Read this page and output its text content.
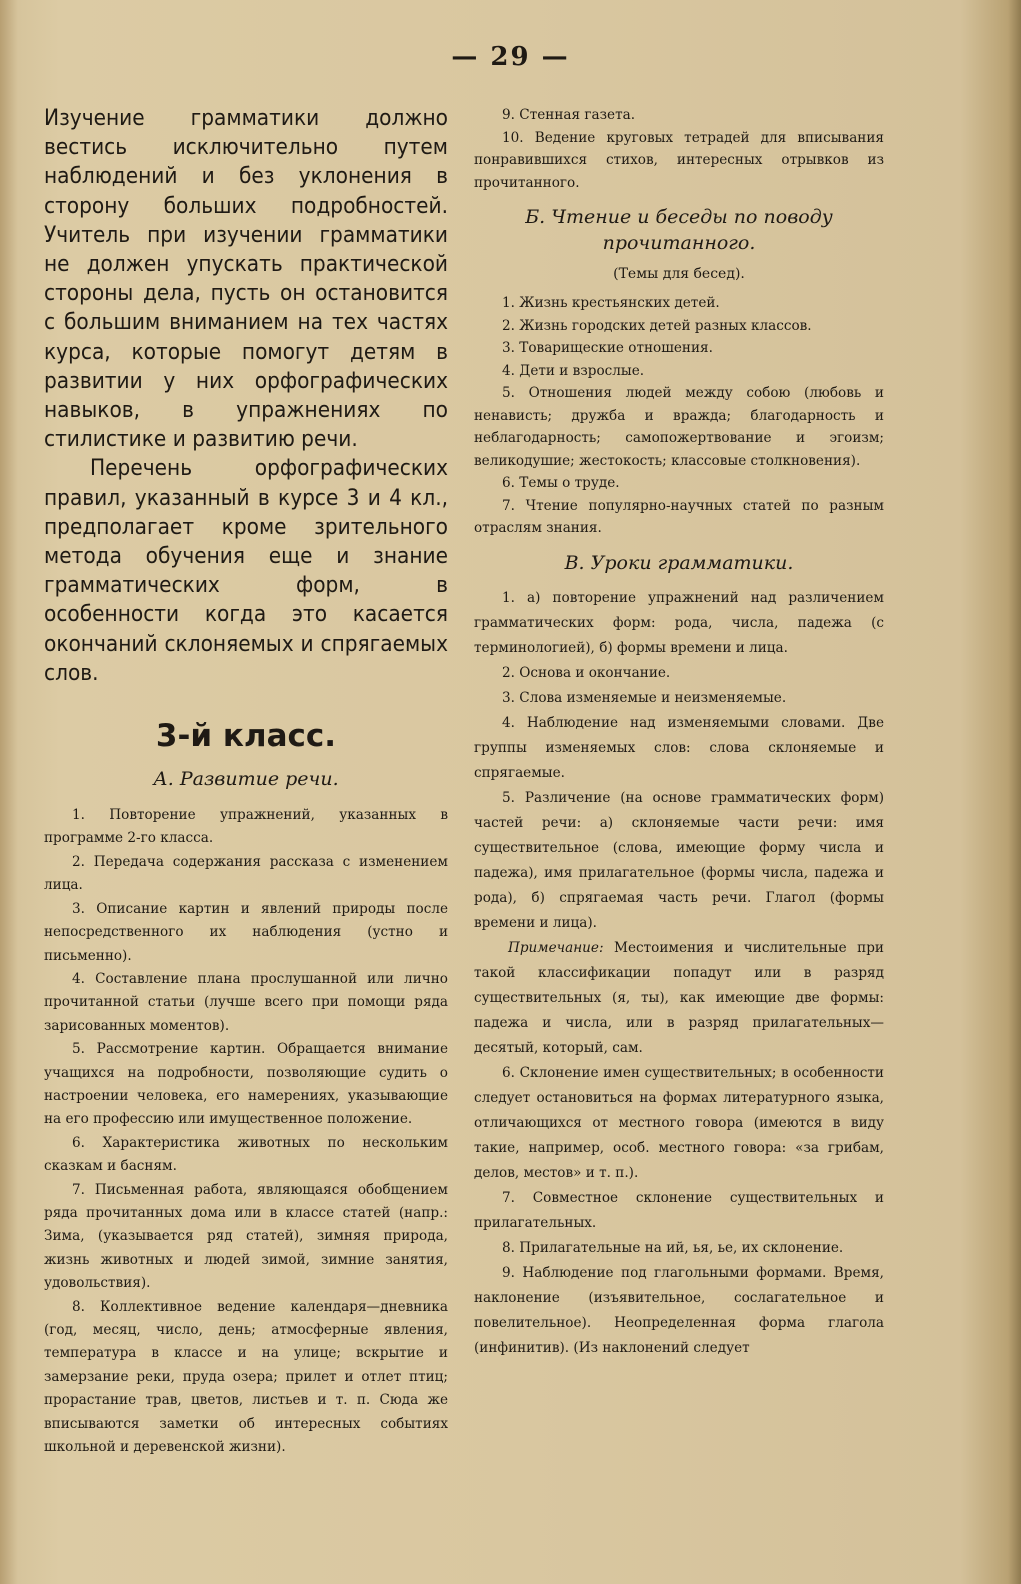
— 29 —

Изучение грамматики должно вестись исключительно путем наблюдений и без уклонения в сторону больших подробностей. Учитель при изучении грамматики не должен упускать практической стороны дела, пусть он остановится с большим вниманием на тех частях курса, которые помогут детям в развитии у них орфографических навыков, в упражнениях по стилистике и развитию речи.

Перечень орфографических правил, указанный в курсе 3 и 4 кл., предполагает кроме зрительного метода обучения еще и знание грамматических форм, в особенности когда это касается окончаний склоняемых и спрягаемых слов.

3-й класс.
А. Развитие речи.

1. Повторение упражнений, указанных в программе 2-го класса.

2. Передача содержания рассказа с изменением лица.

3. Описание картин и явлений природы после непосредственного их наблюдения (устно и письменно).

4. Составление плана прослушанной или лично прочитанной статьи (лучше всего при помощи ряда зарисованных моментов).

5. Рассмотрение картин. Обращается внимание учащихся на подробности, позволяющие судить о настроении человека, его намерениях, указывающие на его профессию или имущественное положение.

6. Характеристика животных по нескольким сказкам и басням.

7. Письменная работа, являющаяся обобщением ряда прочитанных дома или в классе статей (напр.: Зима, (указывается ряд статей), зимняя природа, жизнь животных и людей зимой, зимние занятия, удовольствия).

8. Коллективное ведение календаря—дневника (год, месяц, число, день; атмосферные явления, температура в классе и на улице; вскрытие и замерзание реки, пруда озера; прилет и отлет птиц; прорастание трав, цветов, листьев и т. п. Сюда же вписываются заметки об интересных событиях школьной и деревенской жизни).

9. Стенная газета.

10. Ведение круговых тетрадей для вписывания понравившихся стихов, интересных отрывков из прочитанного.

Б. Чтение и беседы по поводу прочитанного.
(Темы для бесед).

1. Жизнь крестьянских детей.

2. Жизнь городских детей разных классов.

3. Товарищеские отношения.

4. Дети и взрослые.

5. Отношения людей между собою (любовь и ненависть; дружба и вражда; благодарность и неблагодарность; самопожертвование и эгоизм; великодушие; жестокость; классовые столкновения).

6. Темы о труде.

7. Чтение популярно-научных статей по разным отраслям знания.

В. Уроки грамматики.

1. а) повторение упражнений над различением грамматических форм: рода, числа, падежа (с терминологией), б) формы времени и лица.

2. Основа и окончание.

3. Слова изменяемые и неизменяемые.

4. Наблюдение над изменяемыми словами. Две группы изменяемых слов: слова склоняемые и спрягаемые.

5. Различение (на основе грамматических форм) частей речи: а) склоняемые части речи: имя существительное (слова, имеющие форму числа и падежа), имя прилагательное (формы числа, падежа и рода), б) спрягаемая часть речи. Глагол (формы времени и лица).

Примечание: Местоимения и числительные при такой классификации попадут или в разряд существительных (я, ты), как имеющие две формы: падежа и числа, или в разряд прилагательных—десятый, который, сам.

6. Склонение имен существительных; в особенности следует остановиться на формах литературного языка, отличающихся от местного говора (имеются в виду такие, например, особ. местного говора: «за грибам, делов, местов» и т. п.).

7. Совместное склонение существительных и прилагательных.

8. Прилагательные на ий, ья, ье, их склонение.

9. Наблюдение под глагольными формами. Время, наклонение (изъявительное, сослагательное и повелительное). Неопределенная форма глагола (инфинитив). (Из наклонений следует
